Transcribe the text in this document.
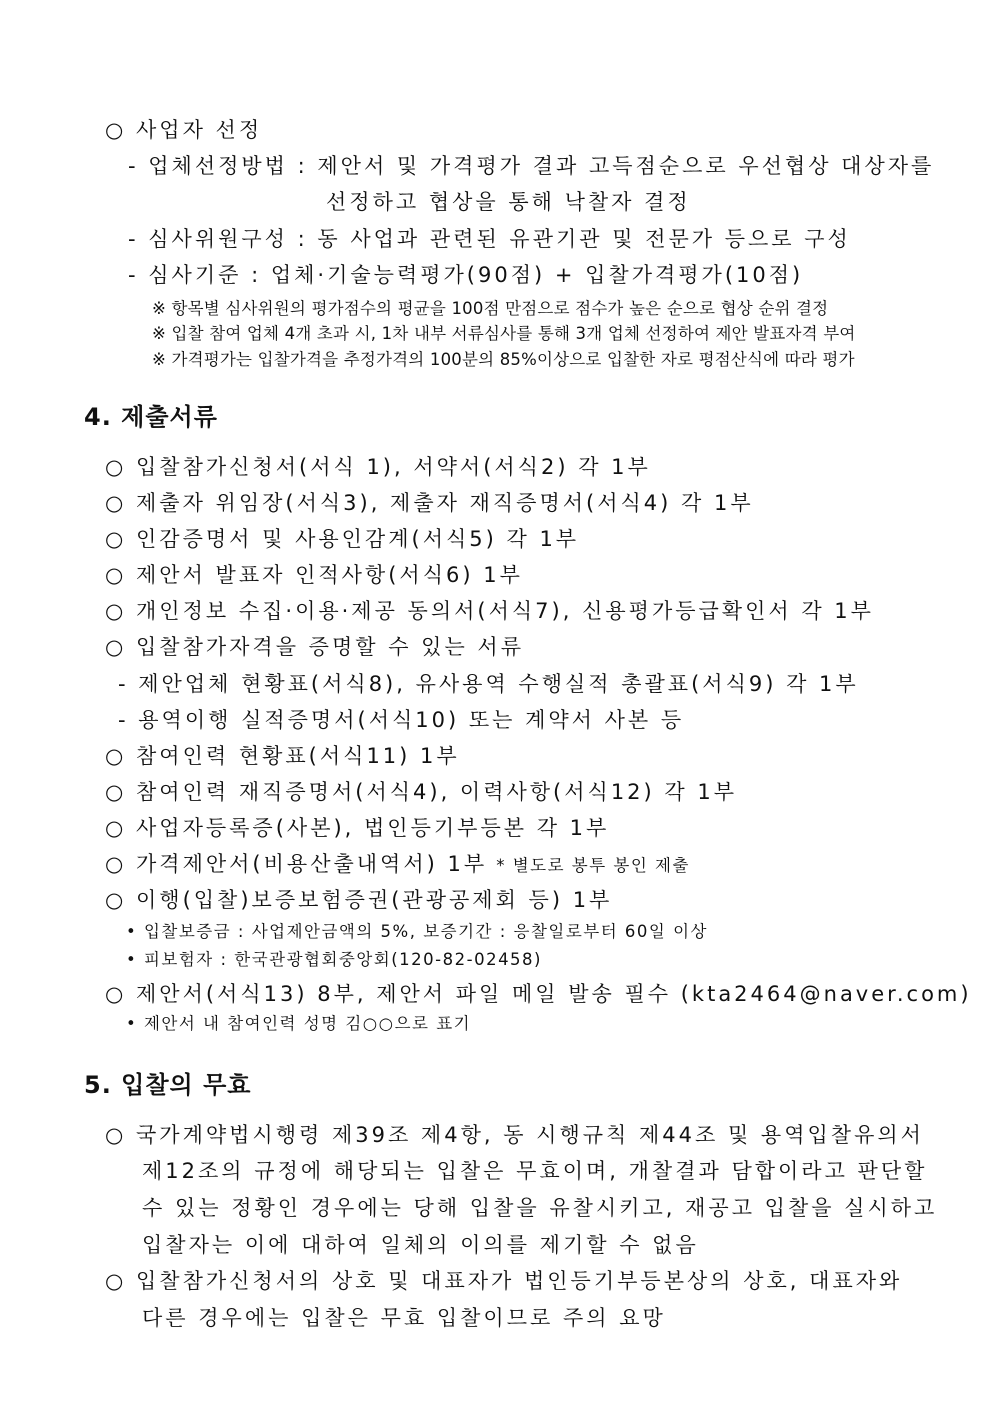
○ 사업자 선정
- 업체선정방법 : 제안서 및 가격평가 결과 고득점순으로 우선협상 대상자를
선정하고 협상을 통해 낙찰자 결정
- 심사위원구성 : 동 사업과 관련된 유관기관 및 전문가 등으로 구성
- 심사기준 : 업체·기술능력평가(90점) + 입찰가격평가(10점)
※ 항목별 심사위원의 평가점수의 평균을 100점 만점으로 점수가 높은 순으로 협상 순위 결정
※ 입찰 참여 업체 4개 초과 시, 1차 내부 서류심사를 통해 3개 업체 선정하여 제안 발표자격 부여
※ 가격평가는 입찰가격을 추정가격의 100분의 85%이상으로 입찰한 자로 평점산식에 따라 평가
4. 제출서류
○ 입찰참가신청서(서식 1), 서약서(서식2) 각 1부
○ 제출자 위임장(서식3), 제출자 재직증명서(서식4) 각 1부
○ 인감증명서 및 사용인감계(서식5) 각 1부
○ 제안서 발표자 인적사항(서식6) 1부
○ 개인정보 수집·이용·제공 동의서(서식7), 신용평가등급확인서 각 1부
○ 입찰참가자격을 증명할 수 있는 서류
- 제안업체 현황표(서식8), 유사용역 수행실적 총괄표(서식9) 각 1부
- 용역이행 실적증명서(서식10) 또는 계약서 사본 등
○ 참여인력 현황표(서식11) 1부
○ 참여인력 재직증명서(서식4), 이력사항(서식12) 각 1부
○ 사업자등록증(사본), 법인등기부등본 각 1부
○ 가격제안서(비용산출내역서) 1부 * 별도로 봉투 봉인 제출
○ 이행(입찰)보증보험증권(관광공제회 등) 1부
• 입찰보증금 : 사업제안금액의 5%, 보증기간 : 응찰일로부터 60일 이상
• 피보험자 : 한국관광협회중앙회(120-82-02458)
○ 제안서(서식13) 8부, 제안서 파일 메일 발송 필수 (kta2464@naver.com)
• 제안서 내 참여인력 성명 김○○으로 표기
5. 입찰의 무효
○ 국가계약법시행령 제39조 제4항, 동 시행규칙 제44조 및 용역입찰유의서
제12조의 규정에 해당되는 입찰은 무효이며, 개찰결과 담합이라고 판단할
수 있는 정황인 경우에는 당해 입찰을 유찰시키고, 재공고 입찰을 실시하고
입찰자는 이에 대하여 일체의 이의를 제기할 수 없음
○ 입찰참가신청서의 상호 및 대표자가 법인등기부등본상의 상호, 대표자와
다른 경우에는 입찰은 무효 입찰이므로 주의 요망
